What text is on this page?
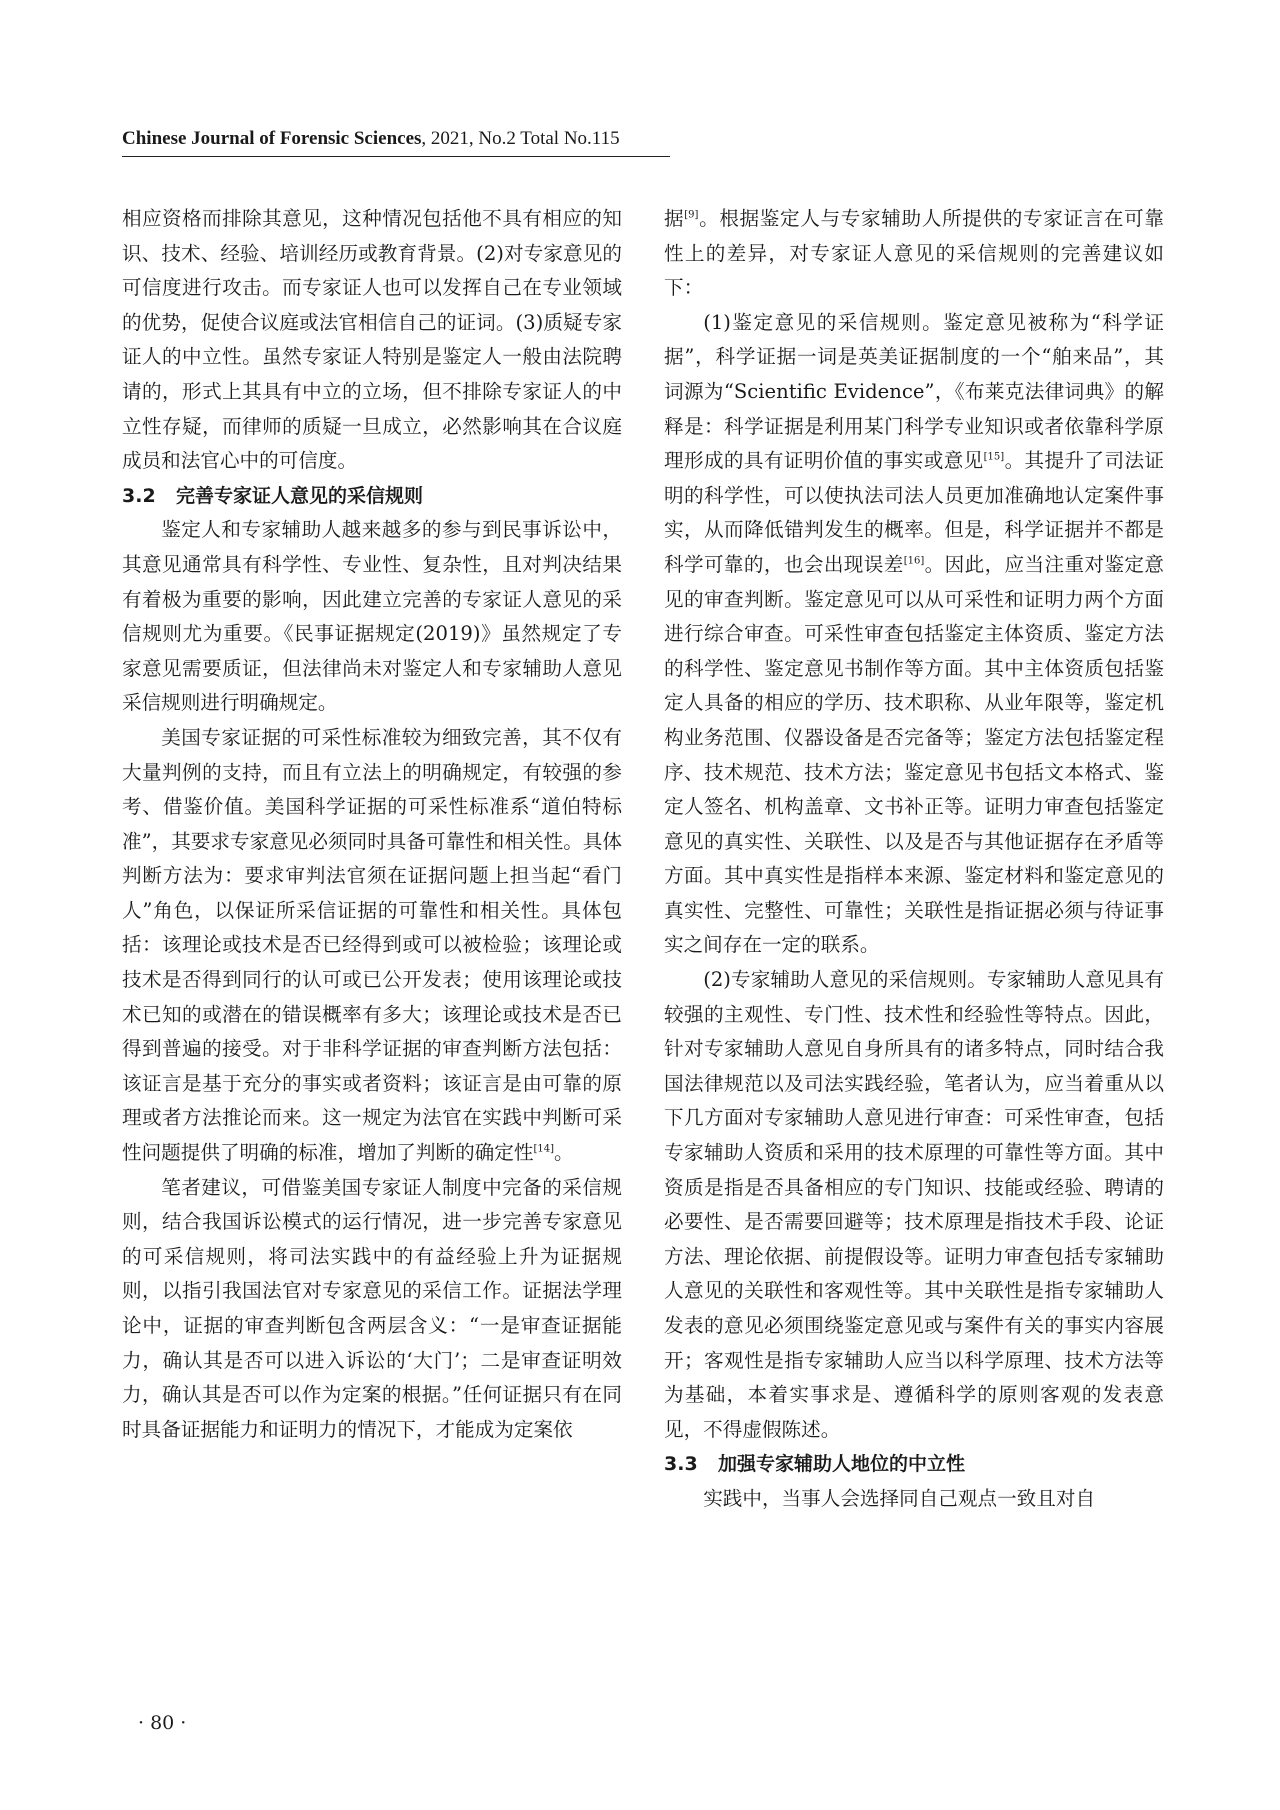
Chinese Journal of Forensic Sciences, 2021, No.2 Total No.115

相应资格而排除其意见，这种情况包括他不具有相应的知识、技术、经验、培训经历或教育背景。(2)对专家意见的可信度进行攻击。而专家证人也可以发挥自己在专业领域的优势，促使合议庭或法官相信自己的证词。(3)质疑专家证人的中立性。虽然专家证人特别是鉴定人一般由法院聘请的，形式上其具有中立的立场，但不排除专家证人的中立性存疑，而律师的质疑一旦成立，必然影响其在合议庭成员和法官心中的可信度。

3.2 完善专家证人意见的采信规则

鉴定人和专家辅助人越来越多的参与到民事诉讼中，其意见通常具有科学性、专业性、复杂性，且对判决结果有着极为重要的影响，因此建立完善的专家证人意见的采信规则尤为重要。《民事证据规定(2019)》虽然规定了专家意见需要质证，但法律尚未对鉴定人和专家辅助人意见采信规则进行明确规定。

美国专家证据的可采性标准较为细致完善，其不仅有大量判例的支持，而且有立法上的明确规定，有较强的参考、借鉴价值。美国科学证据的可采性标准系“道伯特标准”，其要求专家意见必须同时具备可靠性和相关性。具体判断方法为：要求审判法官须在证据问题上担当起“看门人”角色，以保证所采信证据的可靠性和相关性。具体包括：该理论或技术是否已经得到或可以被检验；该理论或技术是否得到同行的认可或已公开发表；使用该理论或技术已知的或潜在的错误概率有多大；该理论或技术是否已得到普遍的接受。对于非科学证据的审查判断方法包括：该证言是基于充分的事实或者资料；该证言是由可靠的原理或者方法推论而来。这一规定为法官在实践中判断可采性问题提供了明确的标准，增加了判断的确定性[14]。

笔者建议，可借鉴美国专家证人制度中完备的采信规则，结合我国诉讼模式的运行情况，进一步完善专家意见的可采信规则，将司法实践中的有益经验上升为证据规则，以指引我国法官对专家意见的采信工作。证据法学理论中，证据的审查判断包含两层含义：“一是审查证据能力，确认其是否可以进入诉讼的‘大门’；二是审查证明效力，确认其是否可以作为定案的根据。”任何证据只有在同时具备证据能力和证明力的情况下，才能成为定案依

据[9]。根据鉴定人与专家辅助人所提供的专家证言在可靠性上的差异，对专家证人意见的采信规则的完善建议如下：

(1)鉴定意见的采信规则。鉴定意见被称为“科学证据”，科学证据一词是英美证据制度的一个“舶来品”，其词源为“Scientific Evidence”，《布莱克法律词典》的解释是：科学证据是利用某门科学专业知识或者依靠科学原理形成的具有证明价值的事实或意见[15]。其提升了司法证明的科学性，可以使执法司法人员更加准确地认定案件事实，从而降低错判发生的概率。但是，科学证据并不都是科学可靠的，也会出现误差[16]。因此，应当注重对鉴定意见的审查判断。鉴定意见可以从可采性和证明力两个方面进行综合审查。可采性审查包括鉴定主体资质、鉴定方法的科学性、鉴定意见书制作等方面。其中主体资质包括鉴定人具备的相应的学历、技术职称、从业年限等，鉴定机构业务范围、仪器设备是否完备等；鉴定方法包括鉴定程序、技术规范、技术方法；鉴定意见书包括文本格式、鉴定人签名、机构盖章、文书补正等。证明力审查包括鉴定意见的真实性、关联性、以及是否与其他证据存在矛盾等方面。其中真实性是指样本来源、鉴定材料和鉴定意见的真实性、完整性、可靠性；关联性是指证据必须与待证事实之间存在一定的联系。

(2)专家辅助人意见的采信规则。专家辅助人意见具有较强的主观性、专门性、技术性和经验性等特点。因此，针对专家辅助人意见自身所具有的诸多特点，同时结合我国法律规范以及司法实践经验，笔者认为，应当着重从以下几方面对专家辅助人意见进行审查：可采性审查，包括专家辅助人资质和采用的技术原理的可靠性等方面。其中资质是指是否具备相应的专门知识、技能或经验、聘请的必要性、是否需要回避等；技术原理是指技术手段、论证方法、理论依据、前提假设等。证明力审查包括专家辅助人意见的关联性和客观性等。其中关联性是指专家辅助人发表的意见必须围绕鉴定意见或与案件有关的事实内容展开；客观性是指专家辅助人应当以科学原理、技术方法等为基础，本着实事求是、遵循科学的原则客观的发表意见，不得虚假陈述。

3.3 加强专家辅助人地位的中立性

实践中，当事人会选择同自己观点一致且对自

· 80 ·
